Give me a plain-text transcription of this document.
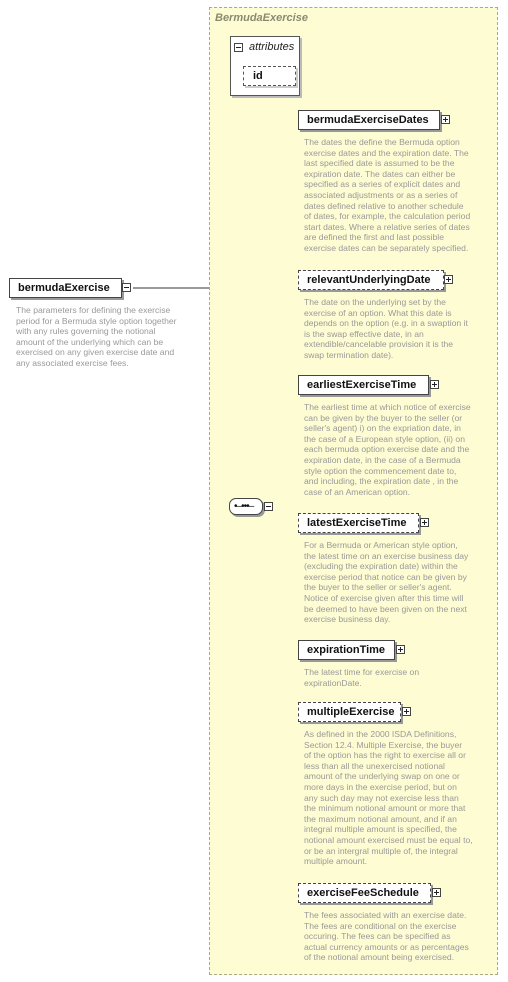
BermudaExercise
attributes
id
bermudaExercise
The parameters for defining the exercise
period for a Bermuda style option together
with any rules governing the notional
amount of the underlying which can be
exercised on any given exercise date and
any associated exercise fees.
•–•••–
bermudaExerciseDates
The dates the define the Bermuda option
exercise dates and the expiration date. The
last specified date is assumed to be the
expiration date. The dates can either be
specified as a series of explicit dates and
associated adjustments or as a series of
dates defined relative to another schedule
of dates, for example, the calculation period
start dates. Where a relative series of dates
are defined the first and last possible
exercise dates can be separately specified.
relevantUnderlyingDate
The date on the underlying set by the
exercise of an option. What this date is
depends on the option (e.g. in a swaption it
is the swap effective date, in an
extendible/cancelable provision it is the
swap termination date).
earliestExerciseTime
The earliest time at which notice of exercise
can be given by the buyer to the seller (or
seller's agent) i) on the expriation date, in
the case of a European style option, (ii) on
each bermuda option exercise date and the
expiration date, in the case of a Bermuda
style option the commencement date to,
and including, the expiration date , in the
case of an American option.
latestExerciseTime
For a Bermuda or American style option,
the latest time on an exercise business day
(excluding the expiration date) within the
exercise period that notice can be given by
the buyer to the seller or seller's agent.
Notice of exercise given after this time will
be deemed to have been given on the next
exercise business day.
expirationTime
The latest time for exercise on
expirationDate.
multipleExercise
As defined in the 2000 ISDA Definitions,
Section 12.4. Multiple Exercise, the buyer
of the option has the right to exercise all or
less than all the unexercised notional
amount of the underlying swap on one or
more days in the exercise period, but on
any such day may not exercise less than
the minimum notional amount or more that
the maximum notional amount, and if an
integral multiple amount is specified, the
notional amount exercised must be equal to,
or be an intergral multiple of, the integral
multiple amount.
exerciseFeeSchedule
The fees associated with an exercise date.
The fees are conditional on the exercise
occuring. The fees can be specified as
actual currency amounts or as percentages
of the notional amount being exercised.
